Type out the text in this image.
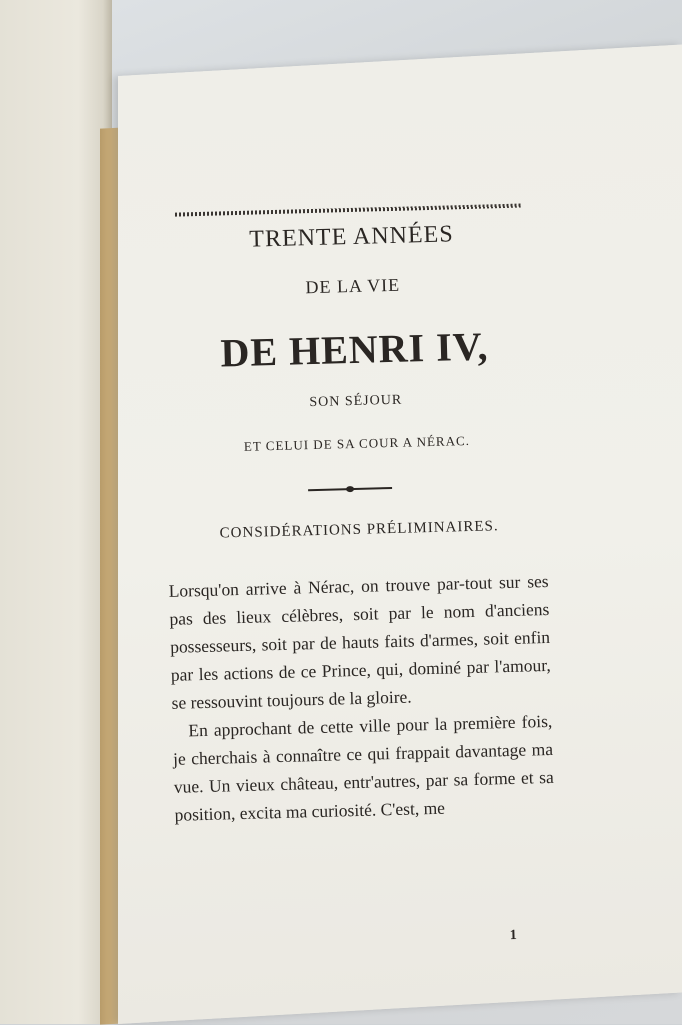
TRENTE ANNÉES
DE LA VIE
DE HENRI IV,
SON SÉJOUR
ET CELUI DE SA COUR A NÉRAC.
CONSIDÉRATIONS PRÉLIMINAIRES.

Lorsqu'on arrive à Nérac, on trouve par-tout sur ses pas des lieux célèbres, soit par le nom d'anciens possesseurs, soit par de hauts faits d'armes, soit enfin par les actions de ce Prince, qui, dominé par l'amour, se ressouvint toujours de la gloire.

En approchant de cette ville pour la première fois, je cherchais à connaître ce qui frappait davantage ma vue. Un vieux château, entr'autres, par sa forme et sa position, excita ma curiosité. C'est, me

1
